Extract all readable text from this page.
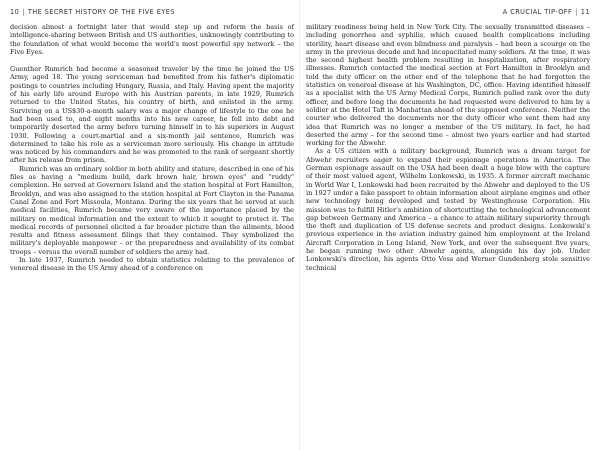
10 | THE SECRET HISTORY OF THE FIVE EYES

decision almost a fortnight later that would step up and reform the basis of intelligence-sharing between British and US authorities, unknowingly contributing to the foundation of what would become the world's most powerful spy network – the Five Eyes.

Guenther Rumrich had become a seasoned traveler by the time he joined the US Army, aged 18. The young serviceman had benefited from his father's diplomatic postings to countries including Hungary, Russia, and Italy. Having spent the majority of his early life around Europe with his Austrian parents, in late 1929, Rumrich returned to the United States, his country of birth, and enlisted in the army. Surviving on a US$30-a-month salary was a major change of lifestyle to the one he had been used to, and eight months into his new career, he fell into debt and temporarily deserted the army before turning himself in to his superiors in August 1930. Following a court-martial and a six-month jail sentence, Rumrich was determined to take his role as a serviceman more seriously. His change in attitude was noticed by his commanders and he was promoted to the rank of sergeant shortly after his release from prison.

Rumrich was an ordinary soldier in both ability and stature, described in one of his files as having a "medium build, dark brown hair, brown eyes" and "ruddy" complexion. He served at Governors Island and the station hospital at Fort Hamilton, Brooklyn, and was also assigned to the station hospital at Fort Clayton in the Panama Canal Zone and Fort Missoula, Montana. During the six years that he served at such medical facilities, Rumrich became very aware of the importance placed by the military on medical information and the extent to which it sought to protect it. The medical records of personnel elicited a far broader picture than the ailments, blood results and fitness assessment filings that they contained. They symbolized the military's deployable manpower – or the preparedness and availability of its combat troops – versus the overall number of soldiers the army had.

In late 1937, Rumrich needed to obtain statistics relating to the prevalence of venereal disease in the US Army ahead of a conference on

A CRUCIAL TIP-OFF | 11

military readiness being held in New York City. The sexually transmitted diseases – including gonorrhea and syphilis, which caused health complications including sterility, heart disease and even blindness and paralysis – had been a scourge on the army in the previous decade and had incapacitated many soldiers. At the time, it was the second highest health problem resulting in hospitalization, after respiratory illnesses. Rumrich contacted the medical section at Fort Hamilton in Brooklyn and told the duty officer on the other end of the telephone that he had forgotten the statistics on venereal disease at his Washington, DC, office. Having identified himself as a specialist with the US Army Medical Corps, Rumrich pulled rank over the duty officer, and before long the documents he had requested were delivered to him by a soldier at the Hotel Taft in Manhattan ahead of the supposed conference. Neither the courier who delivered the documents nor the duty officer who sent them had any idea that Rumrich was no longer a member of the US military. In fact, he had deserted the army – for the second time – almost two years earlier and had started working for the Abwehr.

As a US citizen with a military background, Rumrich was a dream target for Abwehr recruiters eager to expand their espionage operations in America. The German espionage assault on the USA had been dealt a huge blow with the capture of their most valued agent, Wilhelm Lonkowski, in 1935. A former aircraft mechanic in World War I, Lonkowski had been recruited by the Abwehr and deployed to the US in 1927 under a fake passport to obtain information about airplane engines and other new technology being developed and tested by Westinghouse Corporation. His mission was to fulfill Hitler's ambition of shortcutting the technological advancement gap between Germany and America – a chance to attain military superiority through the theft and duplication of US defense secrets and product designs. Lonkowski's previous experience in the aviation industry gained him employment at the Ireland Aircraft Corporation in Long Island, New York, and over the subsequent five years, he began running two other Abwehr agents, alongside his day job. Under Lonkowski's direction, his agents Otto Voss and Werner Gundenberg stole sensitive technical
